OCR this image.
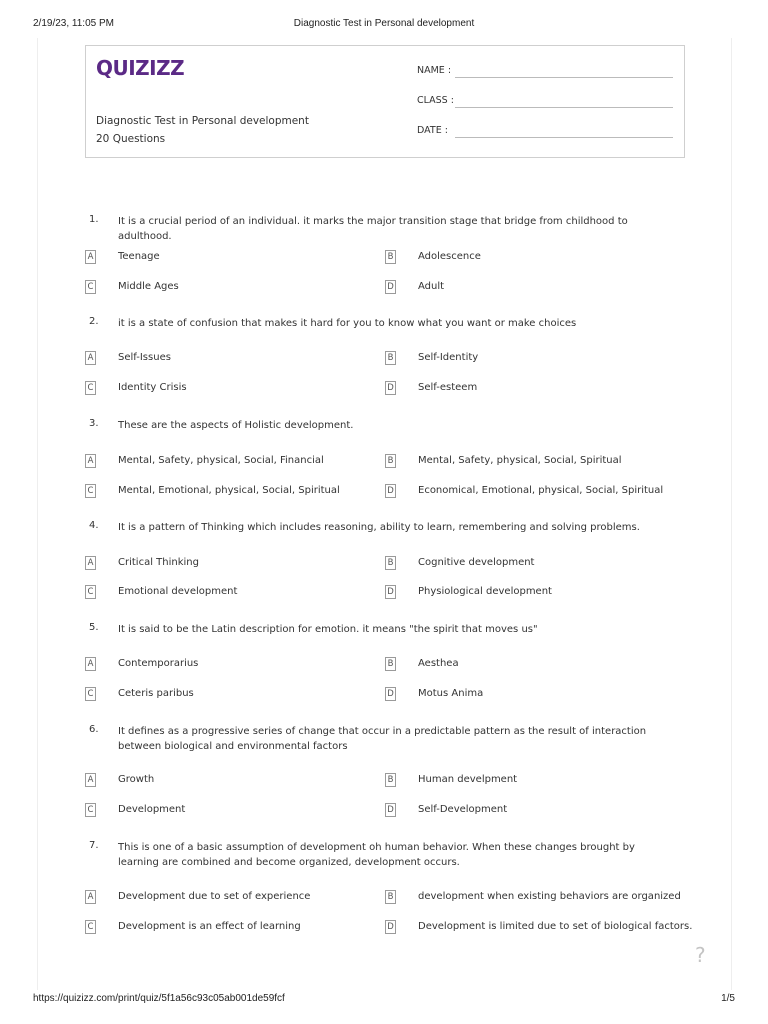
2/19/23, 11:05 PM	Diagnostic Test in Personal development
QUIZIZZ
Diagnostic Test in Personal development
20 Questions
NAME :
CLASS :
DATE :
1. It is a crucial period of an individual. it marks the major transition stage that bridge from childhood to adulthood.
A Teenage	B Adolescence
C Middle Ages	D Adult
2. it is a state of confusion that makes it hard for you to know what you want or make choices
A Self-Issues	B Self-Identity
C Identity Crisis	D Self-esteem
3. These are the aspects of Holistic development.
A Mental, Safety, physical, Social, Financial	B Mental, Safety, physical, Social, Spiritual
C Mental, Emotional, physical, Social, Spiritual	D Economical, Emotional, physical, Social, Spiritual
4. It is a pattern of Thinking which includes reasoning, ability to learn, remembering and solving problems.
A Critical Thinking	B Cognitive development
C Emotional development	D Physiological development
5. It is said to be the Latin description for emotion. it means "the spirit that moves us"
A Contemporarius	B Aesthea
C Ceteris paribus	D Motus Anima
6. It defines as a progressive series of change that occur in a predictable pattern as the result of interaction between biological and environmental factors
A Growth	B Human develpment
C Development	D Self-Development
7. This is one of a basic assumption of development oh human behavior. When these changes brought by learning are combined and become organized, development occurs.
A Development due to set of experience	B development when existing behaviors are organized
C Development is an effect of learning	D Development is limited due to set of biological factors.
?
https://quizizz.com/print/quiz/5f1a56c93c05ab001de59fcf	1/5
